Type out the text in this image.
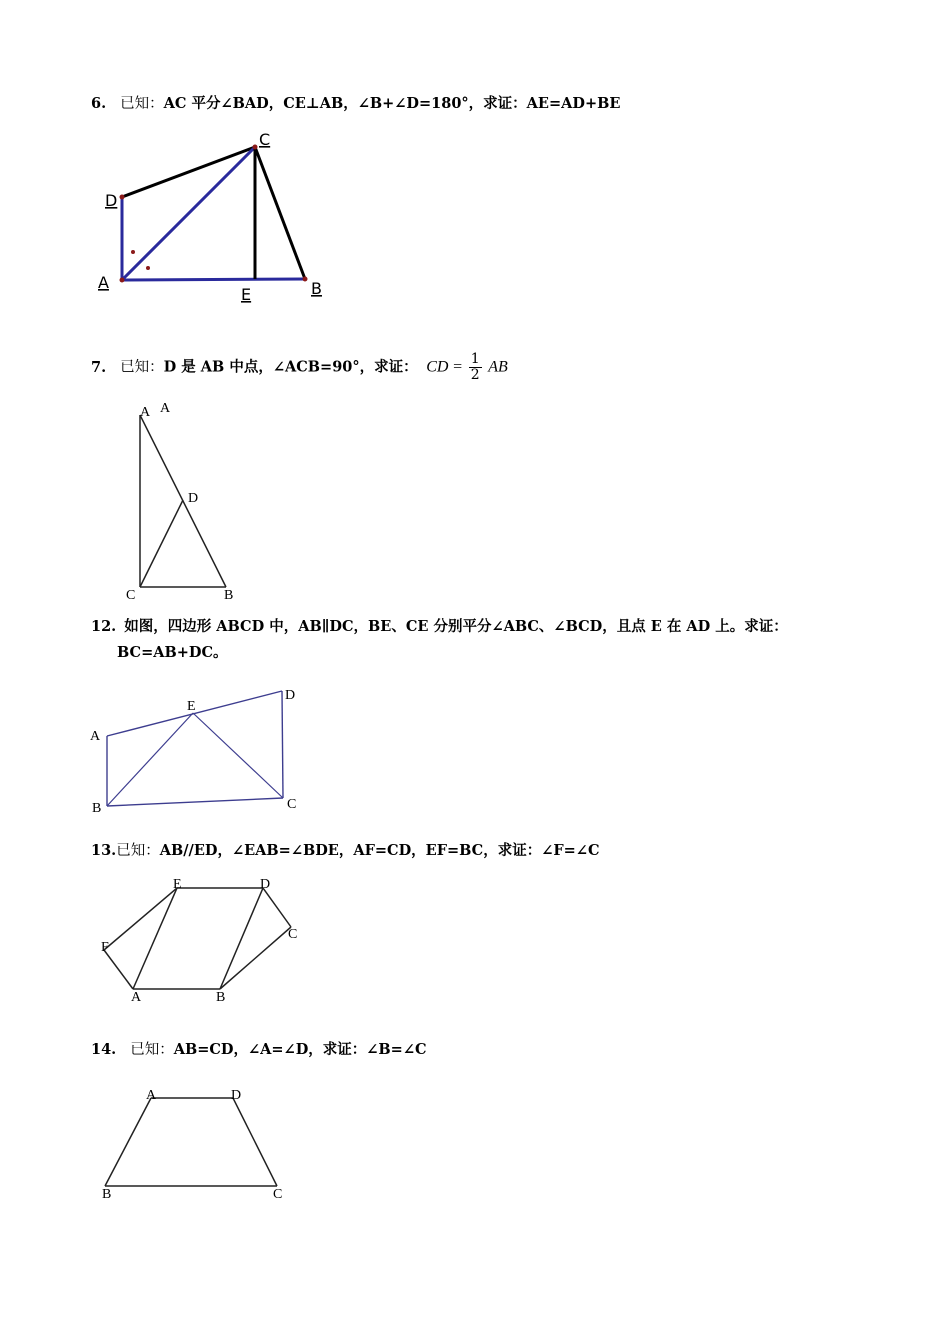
6. 已知：AC 平分∠BAD，CE⊥AB，∠B+∠D=180°，求证：AE=AD+BE
C
D
A
E	B
7. 已知：D 是 AB 中点，∠ACB=90°，求证： CD = $\frac{1}{2}$ AB
A A
D
C	B
12. 如图，四边形 ABCD 中，AB∥DC，BE、CE 分别平分∠ABC、∠BCD，且点 E 在 AD 上。求证：
BC=AB+DC。
A
E
D
B	C
13.已知：AB//ED，∠EAB=∠BDE，AF=CD，EF=BC，求证：∠F=∠C
E	D
F
C
A	B
14. 已知：AB=CD，∠A=∠D，求证：∠B=∠C
A	D
B	C
